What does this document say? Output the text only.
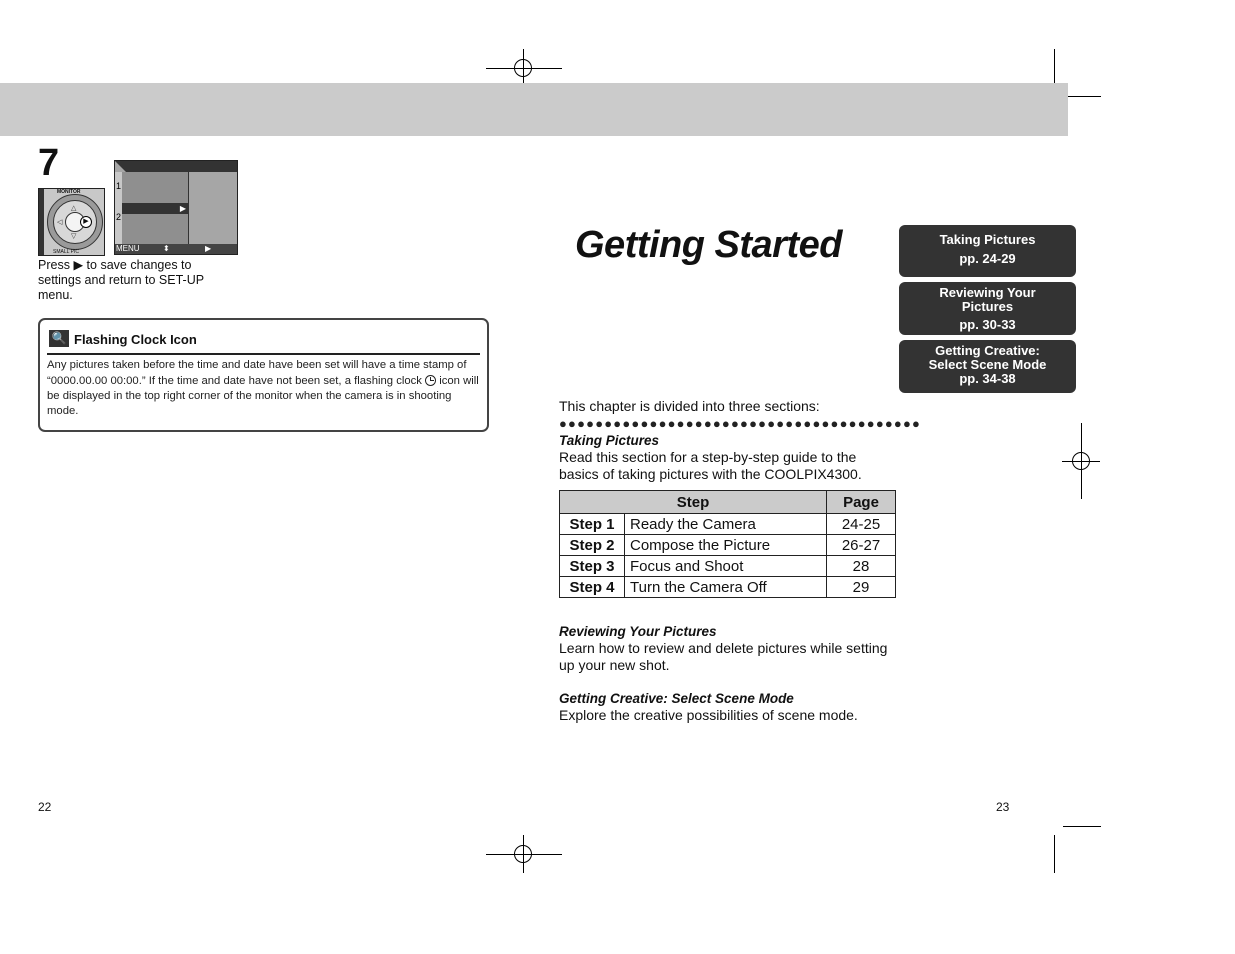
7
△
▽
◁	▶
MONITOR
SMALL PIC
▶
1
2
MENU	⬍	▶
Press ▶ to save changes to settings and return to SET-UP menu.
🔍 Flashing Clock Icon
Any pictures taken before the time and date have been set will have a time stamp of “0000.00.00 00:00.” If the time and date have not been set, a flashing clock icon will be displayed in the top right corner of the monitor when the camera is in shooting mode.
22
Getting Started	Taking Pictures
pp. 24-29
Reviewing Your
Pictures
pp. 30-33
Getting Creative:
Select Scene Mode
pp. 34-38
This chapter is divided into three sections:
●●●●●●●●●●●●●●●●●●●●●●●●●●●●●●●●●●●●●●●●
Taking Pictures
Read this section for a step-by-step guide to the basics of taking pictures with the COOLPIX4300.
Step		Page
Step 1	Ready the Camera	24-25
Step 2	Compose the Picture	26-27
Step 3	Focus and Shoot	28
Step 4	Turn the Camera Off	29
Reviewing Your Pictures
Learn how to review and delete pictures while setting up your new shot.
Getting Creative: Select Scene Mode
Explore the creative possibilities of scene mode.
23
